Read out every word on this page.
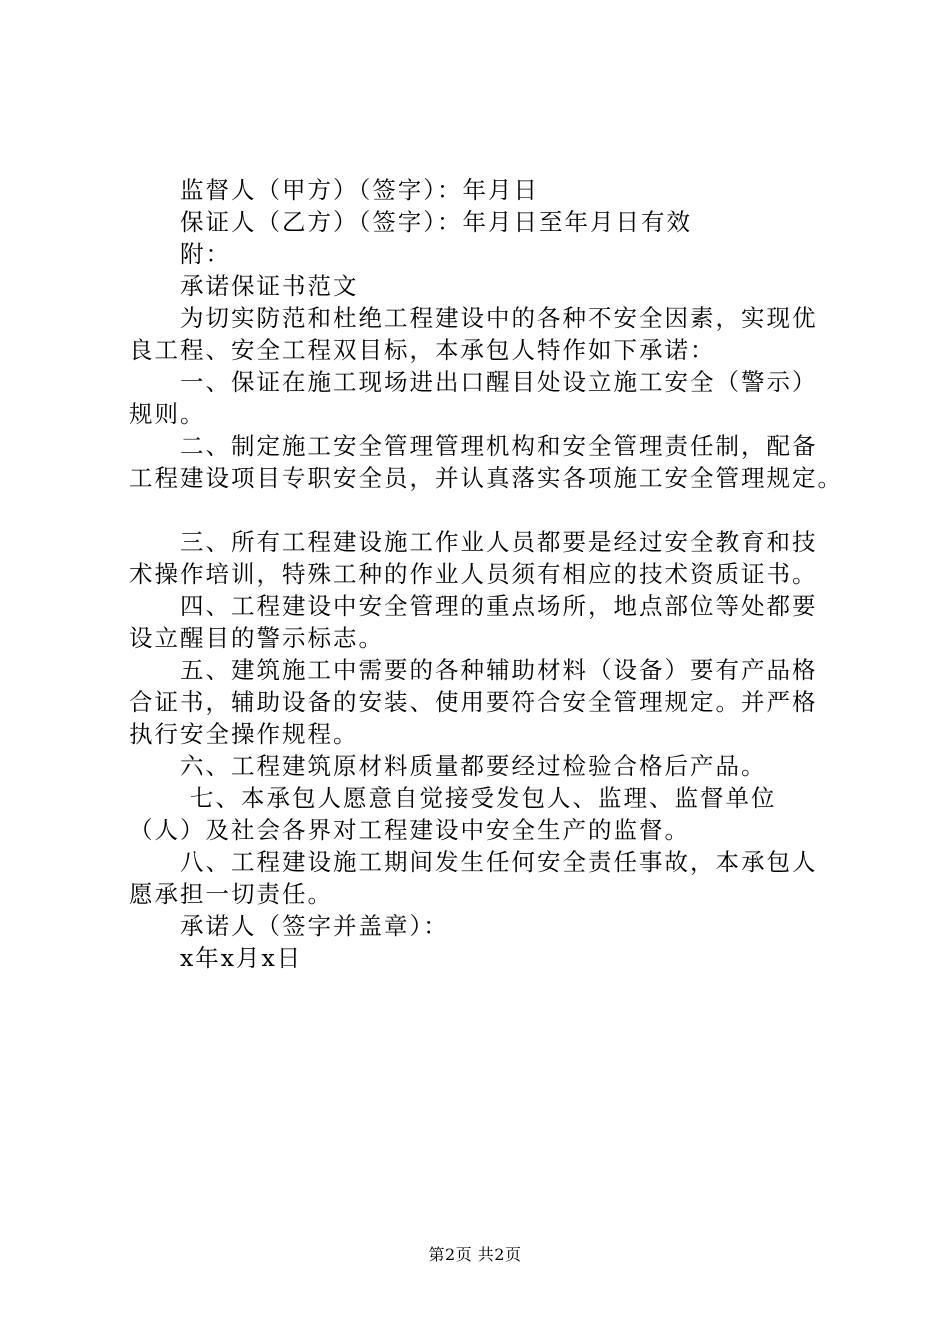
监督人（甲方）（签字）：年月日
保证人（乙方）（签字）：年月日至年月日有效
附：
承诺保证书范文
为切实防范和杜绝工程建设中的各种不安全因素，实现优
良工程、安全工程双目标，本承包人特作如下承诺：
一、保证在施工现场进出口醒目处设立施工安全（警示）
规则。
二、制定施工安全管理管理机构和安全管理责任制，配备
工程建设项目专职安全员，并认真落实各项施工安全管理规定。
三、所有工程建设施工作业人员都要是经过安全教育和技
术操作培训，特殊工种的作业人员须有相应的技术资质证书。
四、工程建设中安全管理的重点场所，地点部位等处都要
设立醒目的警示标志。
五、建筑施工中需要的各种辅助材料（设备）要有产品格
合证书，辅助设备的安装、使用要符合安全管理规定。并严格
执行安全操作规程。
六、工程建筑原材料质量都要经过检验合格后产品。
七、本承包人愿意自觉接受发包人、监理、监督单位
（人）及社会各界对工程建设中安全生产的监督。
八、工程建设施工期间发生任何安全责任事故，本承包人
愿承担一切责任。
承诺人（签字并盖章）：
x年x月x日
第2页 共2页
